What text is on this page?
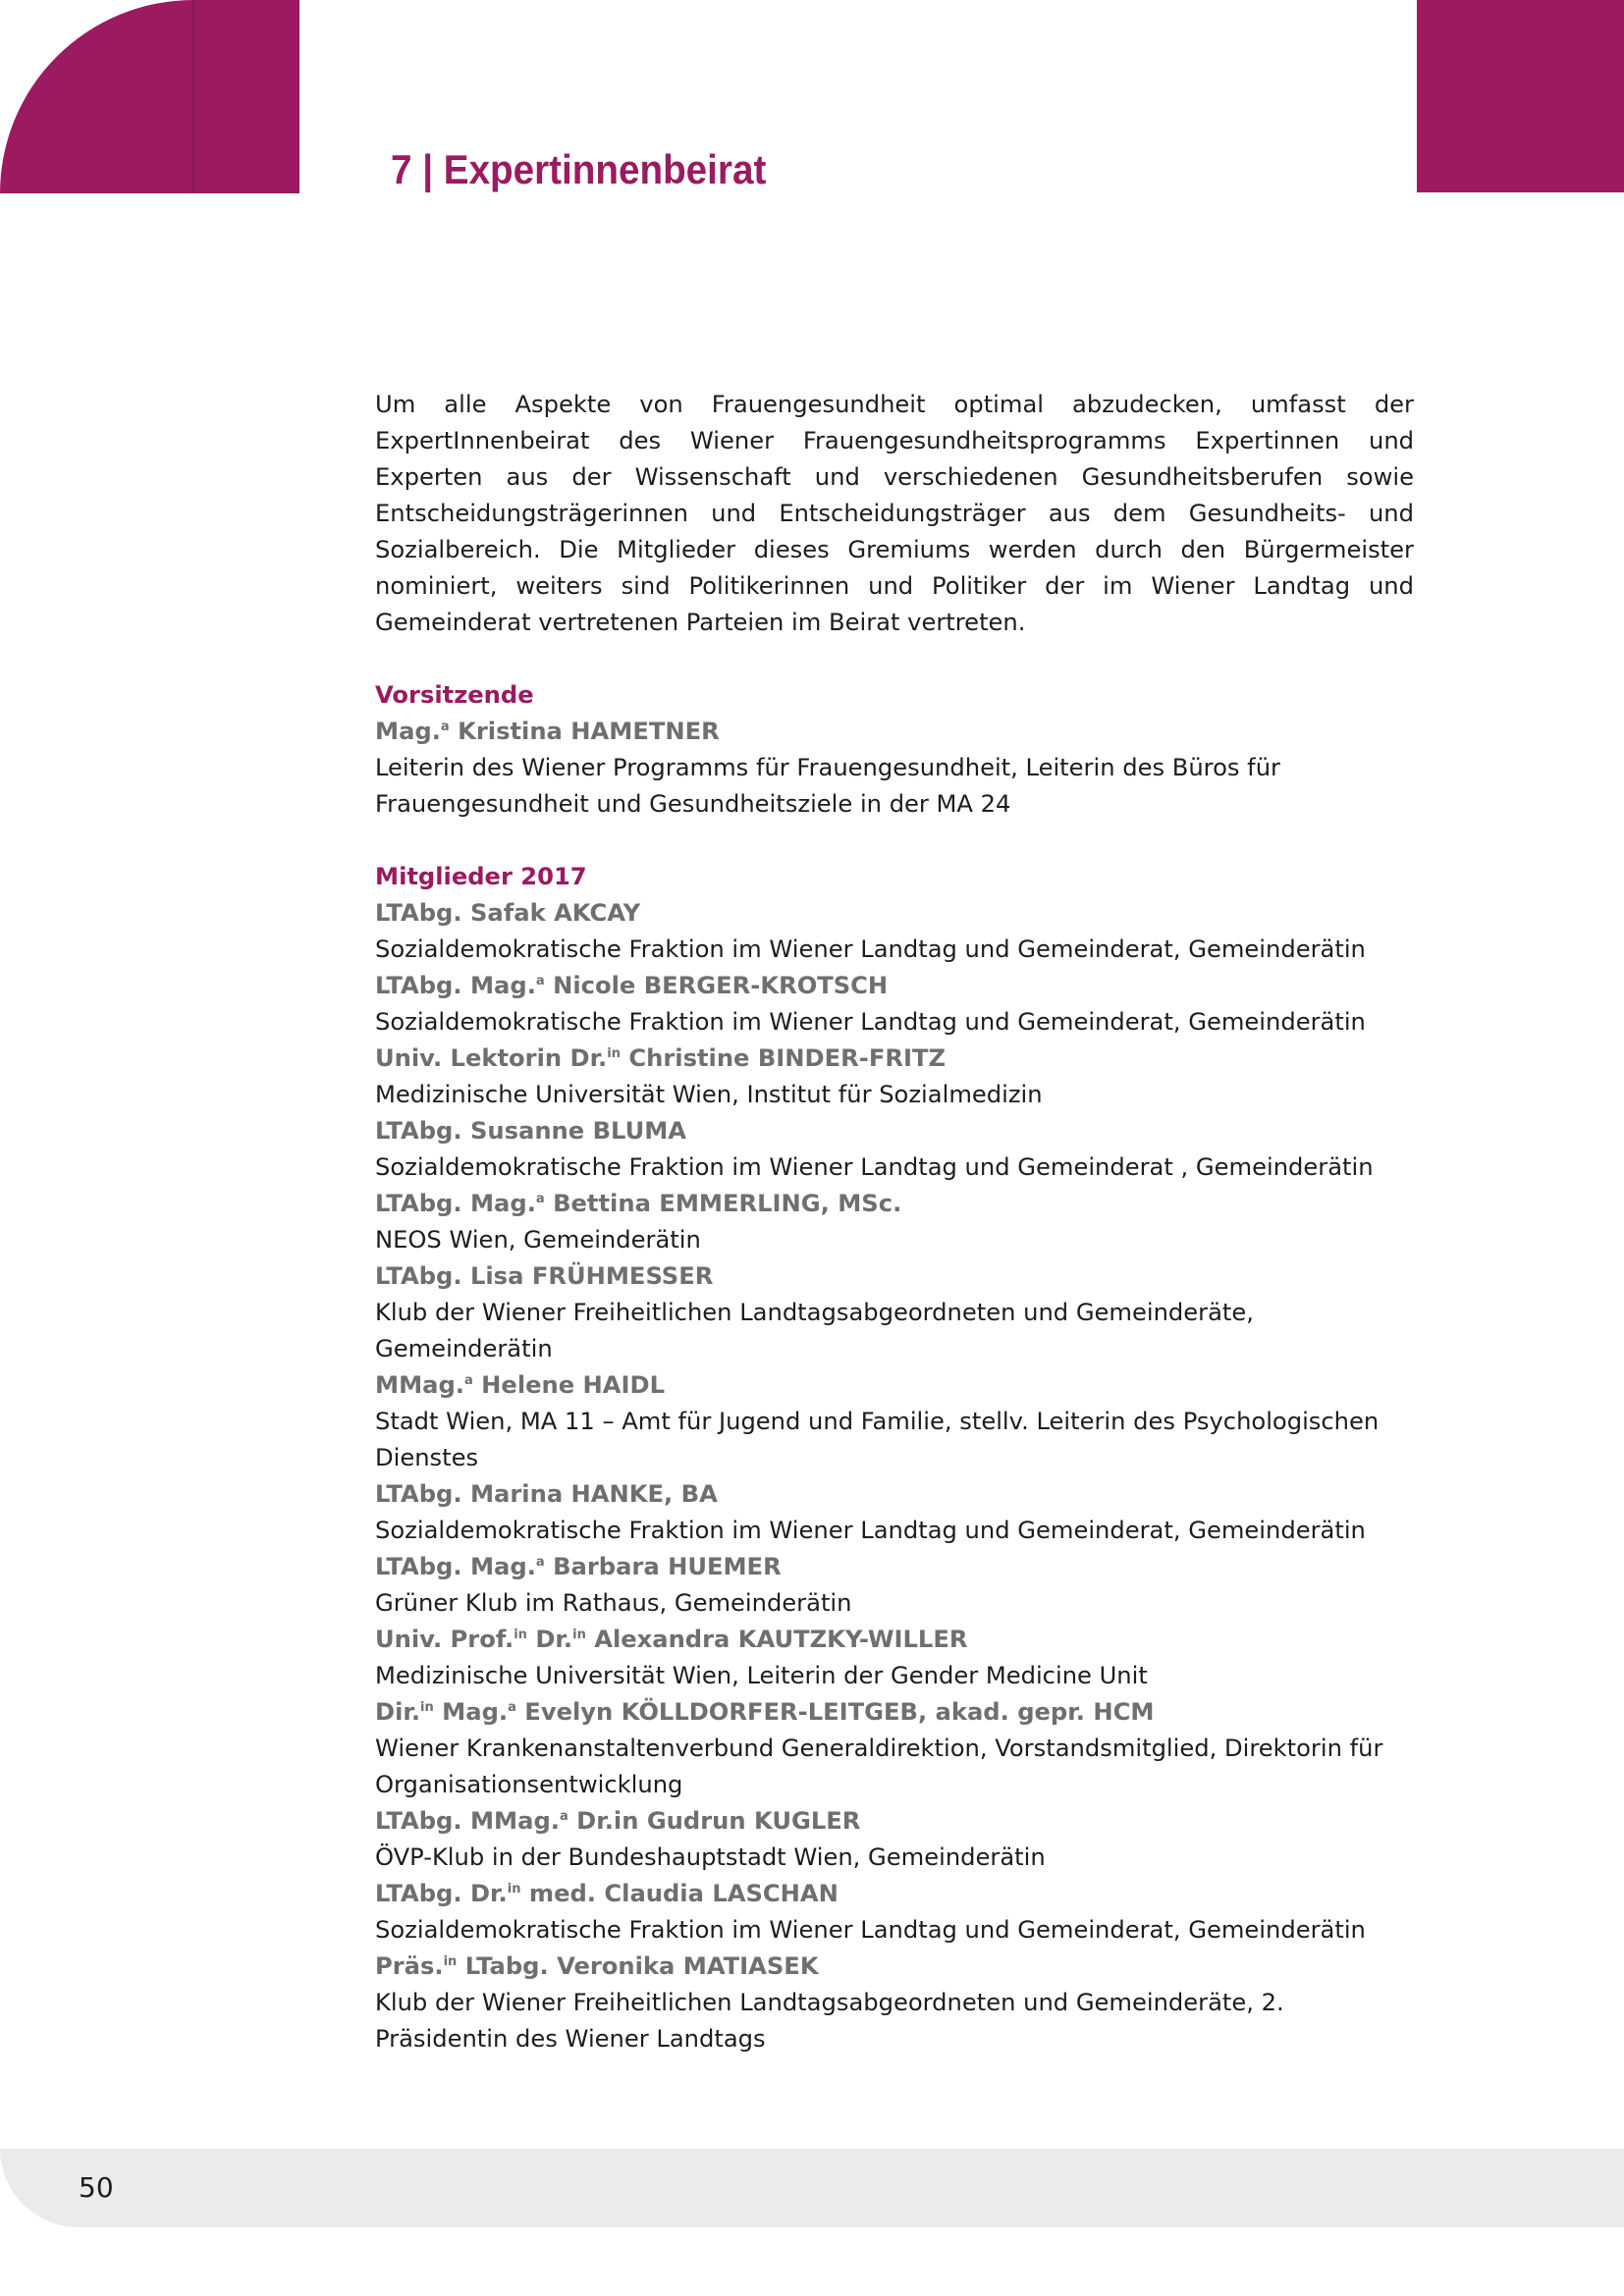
7 | Expertinnenbeirat

Um alle Aspekte von Frauengesundheit optimal abzudecken, umfasst der ExpertInnenbeirat des Wiener Frauengesundheitsprogramms Expertinnen und Experten aus der Wissenschaft und verschiedenen Gesundheitsberufen sowie Entscheidungsträgerinnen und Entscheidungsträger aus dem Gesundheits- und Sozialbereich. Die Mitglieder dieses Gremiums werden durch den Bürgermeister nominiert, weiters sind Politikerinnen und Politiker der im Wiener Landtag und Gemeinderat vertretenen Parteien im Beirat vertreten.

Vorsitzende

Mag.$^a$ Kristina HAMETNER

Leiterin des Wiener Programms für Frauengesundheit, Leiterin des Büros für Frauengesundheit und Gesundheitsziele in der MA 24

Mitglieder 2017

LTAbg. Safak AKCAY

Sozialdemokratische Fraktion im Wiener Landtag und Gemeinderat, Gemeinderätin

LTAbg. Mag.$^a$ Nicole BERGER-KROTSCH

Sozialdemokratische Fraktion im Wiener Landtag und Gemeinderat, Gemeinderätin

Univ. Lektorin Dr.$^{in}$ Christine BINDER-FRITZ

Medizinische Universität Wien, Institut für Sozialmedizin

LTAbg. Susanne BLUMA

Sozialdemokratische Fraktion im Wiener Landtag und Gemeinderat , Gemeinderätin

LTAbg. Mag.$^a$ Bettina EMMERLING, MSc.

NEOS Wien, Gemeinderätin

LTAbg. Lisa FRÜHMESSER

Klub der Wiener Freiheitlichen Landtagsabgeordneten und Gemeinderäte, Gemeinderätin

MMag.$^a$ Helene HAIDL

Stadt Wien, MA 11 – Amt für Jugend und Familie, stellv. Leiterin des Psychologischen Dienstes

LTAbg. Marina HANKE, BA

Sozialdemokratische Fraktion im Wiener Landtag und Gemeinderat, Gemeinderätin

LTAbg. Mag.$^a$ Barbara HUEMER

Grüner Klub im Rathaus, Gemeinderätin

Univ. Prof.$^{in}$ Dr.$^{in}$ Alexandra KAUTZKY-WILLER

Medizinische Universität Wien, Leiterin der Gender Medicine Unit

Dir.$^{in}$ Mag.$^a$ Evelyn KÖLLDORFER-LEITGEB, akad. gepr. HCM

Wiener Krankenanstaltenverbund Generaldirektion, Vorstandsmitglied, Direktorin für Organisationsentwicklung

LTAbg. MMag.$^a$ Dr.in Gudrun KUGLER

ÖVP-Klub in der Bundeshauptstadt Wien, Gemeinderätin

LTAbg. Dr.$^{in}$ med. Claudia LASCHAN

Sozialdemokratische Fraktion im Wiener Landtag und Gemeinderat, Gemeinderätin

Präs.$^{in}$ LTabg. Veronika MATIASEK

Klub der Wiener Freiheitlichen Landtagsabgeordneten und Gemeinderäte, 2. Präsidentin des Wiener Landtags

50
